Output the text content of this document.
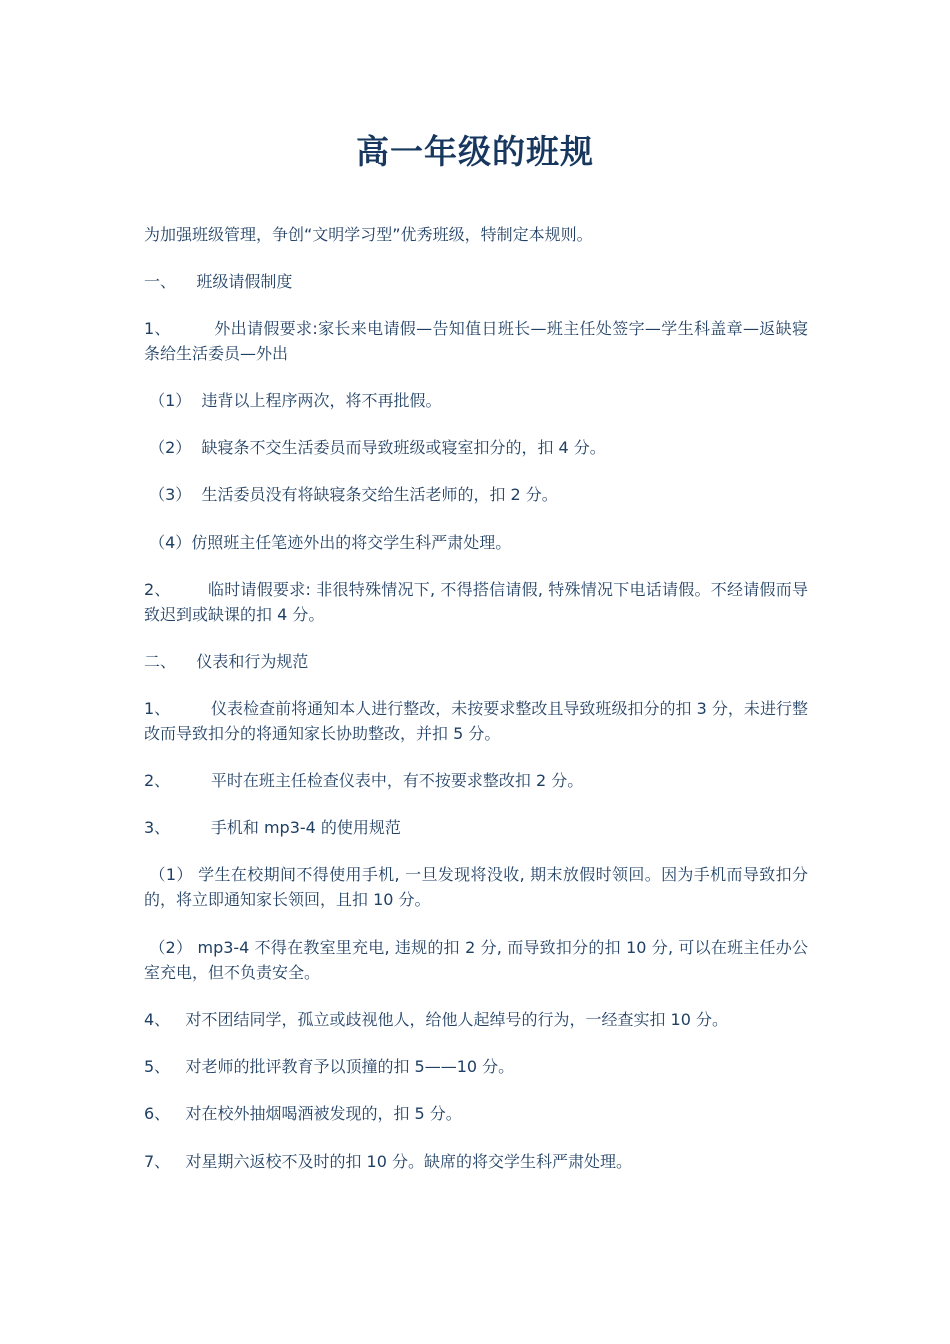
高一年级的班规
为加强班级管理，争创“文明学习型”优秀班级，特制定本规则。
一、    班级请假制度
1、        外出请假要求:家长来电请假—告知值日班长—班主任处签字—学生科盖章—返缺寝条给生活委员—外出
（1）  违背以上程序两次，将不再批假。
（2）  缺寝条不交生活委员而导致班级或寝室扣分的，扣 4 分。
（3）  生活委员没有将缺寝条交给生活老师的，扣 2 分。
（4）仿照班主任笔迹外出的将交学生科严肃处理。
2、       临时请假要求: 非很特殊情况下, 不得搭信请假, 特殊情况下电话请假。不经请假而导致迟到或缺课的扣 4 分。
二、    仪表和行为规范
1、        仪表检查前将通知本人进行整改，未按要求整改且导致班级扣分的扣 3 分，未进行整改而导致扣分的将通知家长协助整改，并扣 5 分。
2、        平时在班主任检查仪表中，有不按要求整改扣 2 分。
3、        手机和 mp3-4 的使用规范
（1） 学生在校期间不得使用手机, 一旦发现将没收, 期末放假时领回。因为手机而导致扣分的，将立即通知家长领回，且扣 10 分。
（2） mp3-4 不得在教室里充电, 违规的扣 2 分, 而导致扣分的扣 10 分, 可以在班主任办公室充电，但不负责安全。
4、   对不团结同学，孤立或歧视他人，给他人起绰号的行为，一经查实扣 10 分。
5、   对老师的批评教育予以顶撞的扣 5——10 分。
6、   对在校外抽烟喝酒被发现的，扣 5 分。
7、   对星期六返校不及时的扣 10 分。缺席的将交学生科严肃处理。
